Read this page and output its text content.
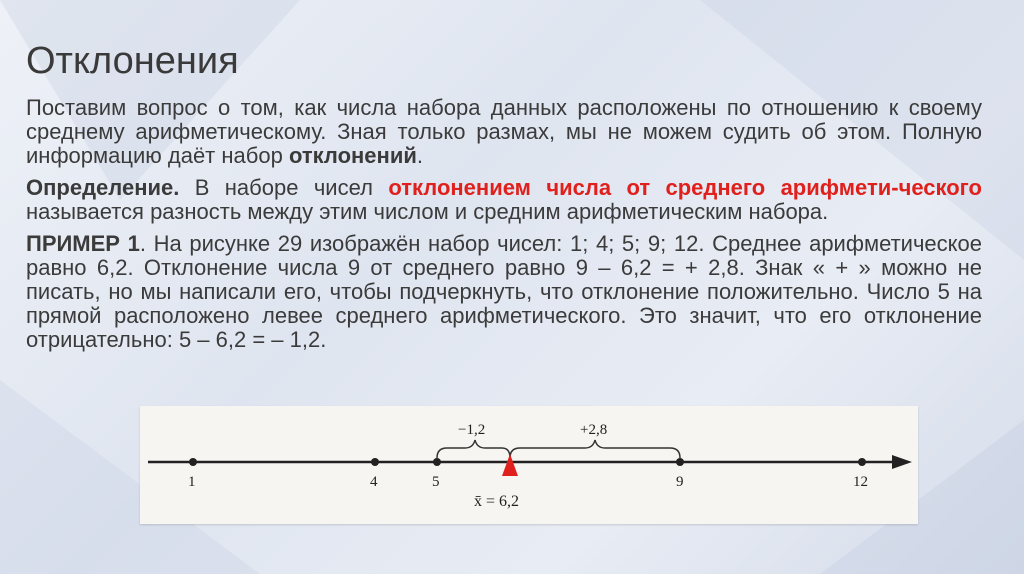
Отклонения

Поставим вопрос о том, как числа набора данных расположены по отношению к своему среднему арифметическому. Зная только размах, мы не можем судить об этом. Полную информацию даёт набор отклонений.

Определение. В наборе чисел отклонением числа от среднего арифмети-ческого называется разность между этим числом и средним арифметическим набора.

ПРИМЕР 1. На рисунке 29 изображён набор чисел: 1; 4; 5; 9; 12. Среднее арифметическое равно 6,2. Отклонение числа 9 от среднего равно 9 – 6,2 = + 2,8. Знак « + » можно не писать, но мы написали его, чтобы подчеркнуть, что отклонение положительно. Число 5 на прямой расположено левее среднего арифметического. Это значит, что его отклонение отрицательно: 5 – 6,2 = – 1,2.

−1,2	+2,8
1	4	5	9	12
x̄ = 6,2
